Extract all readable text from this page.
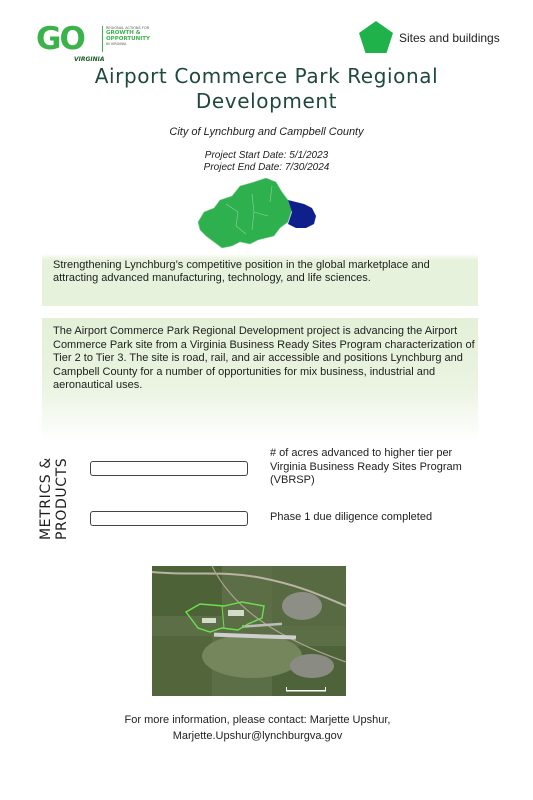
GO
VIRGINIA
REGIONAL ACTIONS FOR
GROWTH & OPPORTUNITY
IN VIRGINIA	Sites and buildings
Airport Commerce Park Regional Development
City of Lynchburg and Campbell County
Project Start Date: 5/1/2023
Project End Date: 7/30/2024
Strengthening Lynchburg’s competitive position in the global marketplace and attracting advanced manufacturing, technology, and life sciences.
The Airport Commerce Park Regional Development project is advancing the Airport Commerce Park site from a Virginia Business Ready Sites Program characterization of Tier 2 to Tier 3. The site is road, rail, and air accessible and positions Lynchburg and Campbell County for a number of opportunities for mix business, industrial and aeronautical uses.
METRICS & PRODUCTS
# of acres advanced to higher tier per Virginia Business Ready Sites Program (VBRSP)
Phase 1 due diligence completed
For more information, please contact: Marjette Upshur,
Marjette.Upshur@lynchburgva.gov
